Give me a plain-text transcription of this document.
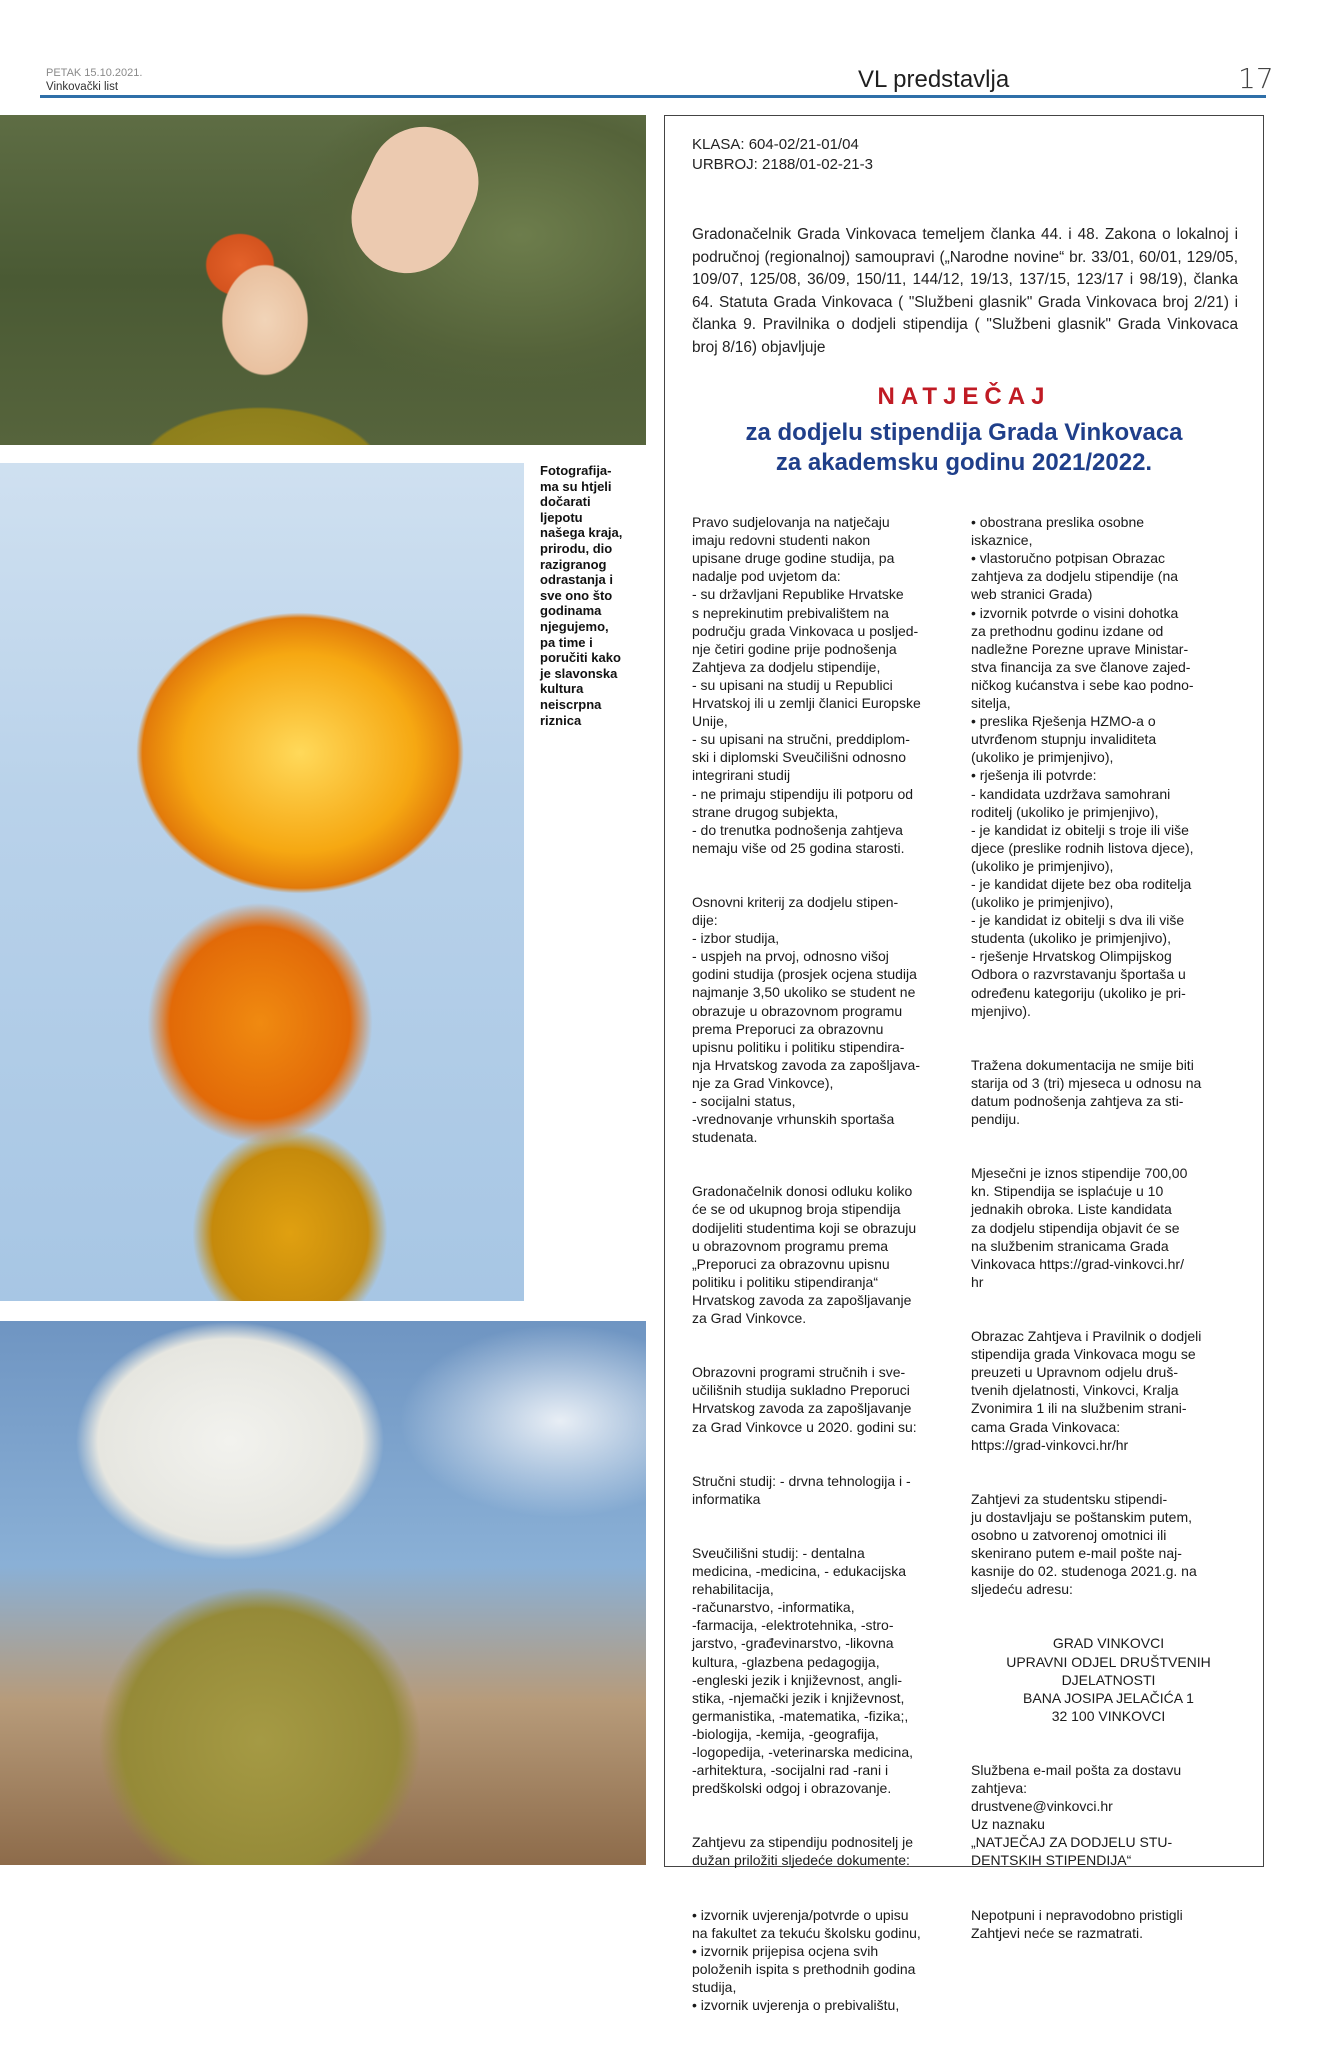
PETAK 15.10.2021.
Vinkovački list	VL predstavlja	17
Fotografija-
ma su htjeli
dočarati
ljepotu
našega kraja,
prirodu, dio
razigranog
odrastanja i
sve ono što
godinama
njegujemo,
pa time i
poručiti kako
je slavonska
kultura
neiscrpna
riznica
KLASA: 604-02/21-01/04
URBROJ: 2188/01-02-21-3
Gradonačelnik Grada Vinkovaca temeljem članka 44. i 48. Zakona o lokalnoj i područnoj (regionalnoj) samoupravi („Narodne novine“ br. 33/01, 60/01, 129/05, 109/07, 125/08, 36/09, 150/11, 144/12, 19/13, 137/15, 123/17 i 98/19), članka 64. Statuta Grada Vinkovaca ( "Službeni glasnik" Grada Vinkovaca broj 2/21) i članka 9. Pravilnika o dodjeli stipendija ( "Službeni glasnik" Grada Vinkovaca broj 8/16) objavljuje
NATJEČAJ
za dodjelu stipendija Grada Vinkovaca
za akademsku godinu 2021/2022.

Pravo sudjelovanja na natječaju
imaju redovni studenti nakon
upisane druge godine studija, pa
nadalje pod uvjetom da:
- su državljani Republike Hrvatske
s neprekinutim prebivalištem na
području grada Vinkovaca u poslјed-
nje četiri godine prije podnošenja
Zahtjeva za dodjelu stipendije,
- su upisani na studij u Republici
Hrvatskoj ili u zemlji članici Europske
Unije,
- su upisani na stručni, preddiplom-
ski i diplomski Sveučilišni odnosno
integrirani studij
- ne primaju stipendiju ili potporu od
strane drugog subjekta,
- do trenutka podnošenja zahtjeva
nemaju više od 25 godina starosti.

Osnovni kriterij za dodjelu stipen-
dije:
- izbor studija,
- uspjeh na prvoj, odnosno višoj
godini studija (prosjek ocjena studija
najmanje 3,50 ukoliko se student ne
obrazuje u obrazovnom programu
prema Preporuci za obrazovnu
upisnu politiku i politiku stipendira-
nja Hrvatskog zavoda za zapošljava-
nje za Grad Vinkovce),
- socijalni status,
-vrednovanje vrhunskih sportaša
studenata.

Gradonačelnik donosi odluku koliko
će se od ukupnog broja stipendija
dodijeliti studentima koji se obrazuju
u obrazovnom programu prema
„Preporuci za obrazovnu upisnu
politiku i politiku stipendiranja“
Hrvatskog zavoda za zapošljavanje
za Grad Vinkovce.

Obrazovni programi stručnih i sve-
učilišnih studija sukladno Preporuci
Hrvatskog zavoda za zapošljavanje
za Grad Vinkovce u 2020. godini su:

Stručni studij: - drvna tehnologija i -
informatika

Sveučilišni studij: - dentalna
medicina, -medicina, - edukacijska
rehabilitacija,
-računarstvo, -informatika,
-farmacija, -elektrotehnika, -stro-
jarstvo, -građevinarstvo, -likovna
kultura, -glazbena pedagogija,
-engleski jezik i književnost, angli-
stika, -njemački jezik i književnost,
germanistika, -matematika, -fizika;,
-biologija, -kemija, -geografija,
-logopedija, -veterinarska medicina,
-arhitektura, -socijalni rad -rani i
predškolski odgoj i obrazovanje.

Zahtjevu za stipendiju podnositelj je
dužan priložiti sljedeće dokumente:

• izvornik uvjerenja/potvrde o upisu
na fakultet za tekuću školsku godinu,
• izvornik prijepisa ocjena svih
položenih ispita s prethodnih godina
studija,
• izvornik uvjerenja o prebivalištu,

• obostrana preslika osobne
iskaznice,
• vlastoručno potpisan Obrazac
zahtjeva za dodjelu stipendije (na
web stranici Grada)
• izvornik potvrde o visini dohotka
za prethodnu godinu izdane od
nadležne Porezne uprave Ministar-
stva financija za sve članove zajed-
ničkog kućanstva i sebe kao podno-
sitelja,
• preslika Rješenja HZMO-a o
utvrđenom stupnju invaliditeta
(ukoliko je primjenjivo),
• rješenja ili potvrde:
- kandidata uzdržava samohrani
roditelj (ukoliko je primjenjivo),
- je kandidat iz obitelji s troje ili više
djece (preslike rodnih listova djece),
(ukoliko je primjenjivo),
- je kandidat dijete bez oba roditelja
(ukoliko je primjenjivo),
- je kandidat iz obitelji s dva ili više
studenta (ukoliko je primjenjivo),
- rješenje Hrvatskog Olimpijskog
Odbora o razvrstavanju športaša u
određenu kategoriju (ukoliko je pri-
mjenjivo).

Tražena dokumentacija ne smije biti
starija od 3 (tri) mjeseca u odnosu na
datum podnošenja zahtjeva za sti-
pendiju.

Mjesečni je iznos stipendije 700,00
kn. Stipendija se isplaćuje u 10
jednakih obroka. Liste kandidata
za dodjelu stipendija objavit će se
na službenim stranicama Grada
Vinkovaca https://grad-vinkovci.hr/
hr

Obrazac Zahtjeva i Pravilnik o dodjeli
stipendija grada Vinkovaca mogu se
preuzeti u Upravnom odjelu druš-
tvenih djelatnosti, Vinkovci, Kralja
Zvonimira 1 ili na službenim strani-
cama Grada Vinkovaca:
https://grad-vinkovci.hr/hr

Zahtjevi za studentsku stipendi-
ju dostavljaju se poštanskim putem,
osobno u zatvorenoj omotnici ili
skenirano putem e-mail pošte naj-
kasnije do 02. studenoga 2021.g. na
sljedeću adresu:

GRAD VINKOVCI
UPRAVNI ODJEL DRUŠTVENIH
DJELATNOSTI
BANA JOSIPA JELAČIĆA 1
32 100 VINKOVCI

Službena e-mail pošta za dostavu
zahtjeva:
drustvene@vinkovci.hr
Uz naznaku
„NATJEČAJ ZA DODJELU STU-
DENTSKIH STIPENDIJA“

Nepotpuni i nepravodobno pristigli
Zahtjevi neće se razmatrati.
